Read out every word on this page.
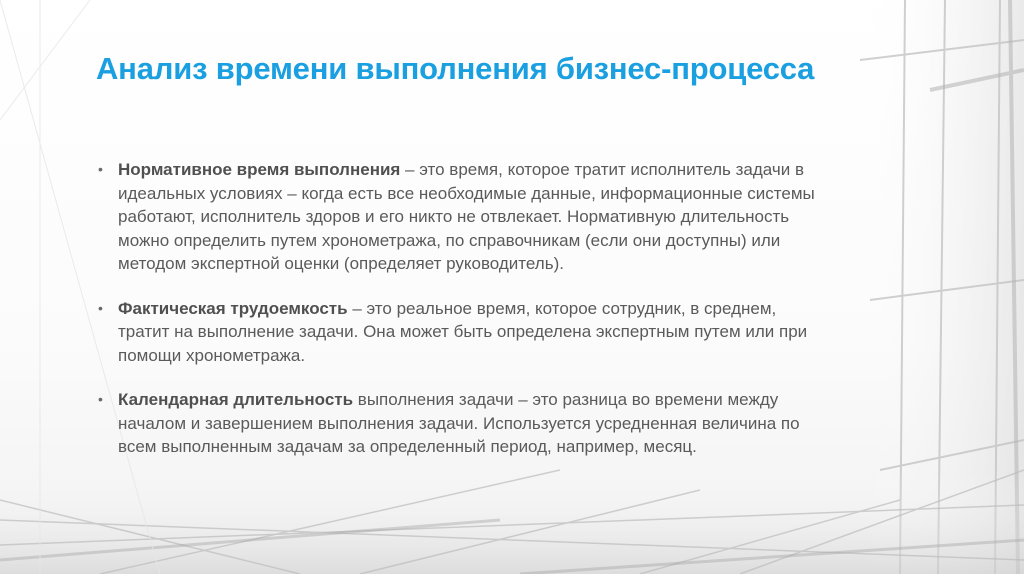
Анализ времени выполнения бизнес-процесса
• Нормативное время выполнения – это время, которое тратит исполнитель задачи в идеальных условиях – когда есть все необходимые данные, информационные системы работают, исполнитель здоров и его никто не отвлекает. Нормативную длительность можно определить путем хронометража, по справочникам (если они доступны) или методом экспертной оценки (определяет руководитель).
• Фактическая трудоемкость – это реальное время, которое сотрудник, в среднем, тратит на выполнение задачи. Она может быть определена экспертным путем или при помощи хронометража.
• Календарная длительность выполнения задачи – это разница во времени между началом и завершением выполнения задачи. Используется усредненная величина по всем выполненным задачам за определенный период, например, месяц.
